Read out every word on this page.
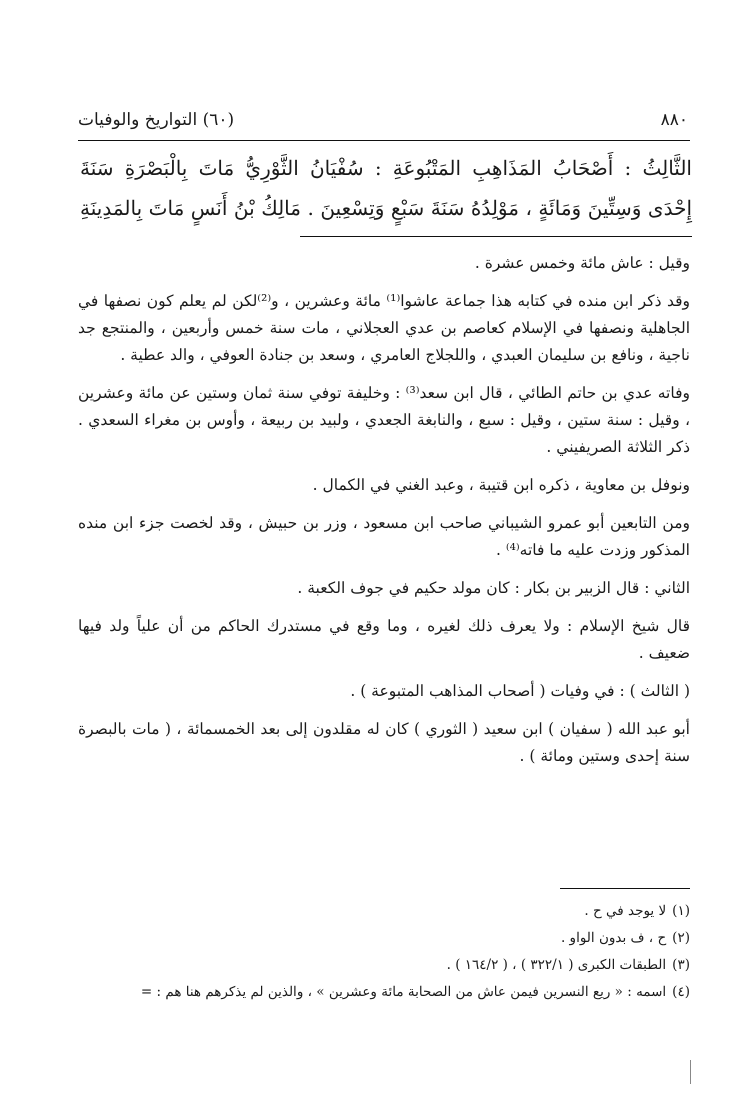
٨٨٠
(٦٠) التواريخ والوفيات
الثَّالِثُ : أَصْحَابُ المَذَاهِبِ المَتْبُوعَةِ : سُفْيَانُ الثَّوْرِيُّ مَاتَ بِالْبَصْرَةِ سَنَةَ إِحْدَى وَسِتِّينَ وَمَائَةٍ ، مَوْلِدُهُ سَنَةَ سَبْعٍ وَتِسْعِينَ . مَالِكُ بْنُ أَنَسٍ مَاتَ بِالمَدِينَةِ

وقيل : عاش مائة وخمس عشرة .

وقد ذكر ابن منده في كتابه هذا جماعة عاشوا⁽¹⁾ مائة وعشرين ، و⁽²⁾لكن لم يعلم كون نصفها في الجاهلية ونصفها في الإسلام كعاصم بن عدي العجلاني ، مات سنة خمس وأربعين ، والمنتجع جد ناجية ، ونافع بن سليمان العبدي ، واللجلاج العامري ، وسعد بن جنادة العوفي ، والد عطية .

وفاته عدي بن حاتم الطائي ، قال ابن سعد⁽³⁾ : وخليفة توفي سنة ثمان وستين عن مائة وعشرين ، وقيل : سنة ستين ، وقيل : سبع ، والنابغة الجعدي ، ولبيد بن ربيعة ، وأوس بن مغراء السعدي . ذكر الثلاثة الصريفيني .

ونوفل بن معاوية ، ذكره ابن قتيبة ، وعبد الغني في الكمال .

ومن التابعين أبو عمرو الشيباني صاحب ابن مسعود ، وزر بن حبيش ، وقد لخصت جزء ابن منده المذكور وزدت عليه ما فاته⁽⁴⁾ .

الثاني : قال الزبير بن بكار : كان مولد حكيم في جوف الكعبة .

قال شيخ الإسلام : ولا يعرف ذلك لغيره ، وما وقع في مستدرك الحاكم من أن علياً ولد فيها ضعيف .

( الثالث ) : في وفيات ( أصحاب المذاهب المتبوعة ) .

أبو عبد الله ( سفيان ) ابن سعيد ( الثوري ) كان له مقلدون إلى بعد الخمسمائة ، ( مات بالبصرة سنة إحدى وستين ومائة ) .

(١)
لا يوجد في ح .
(٢)
ح ، ف بدون الواو .
(٣)
الطبقات الكبرى ( ٣٢٢/١ ) ، ( ١٦٤/٢ ) .
(٤)
اسمه : « ريع النسرين فيمن عاش من الصحابة مائة وعشرين » ، والذين لم يذكرهم هنا هم : =
